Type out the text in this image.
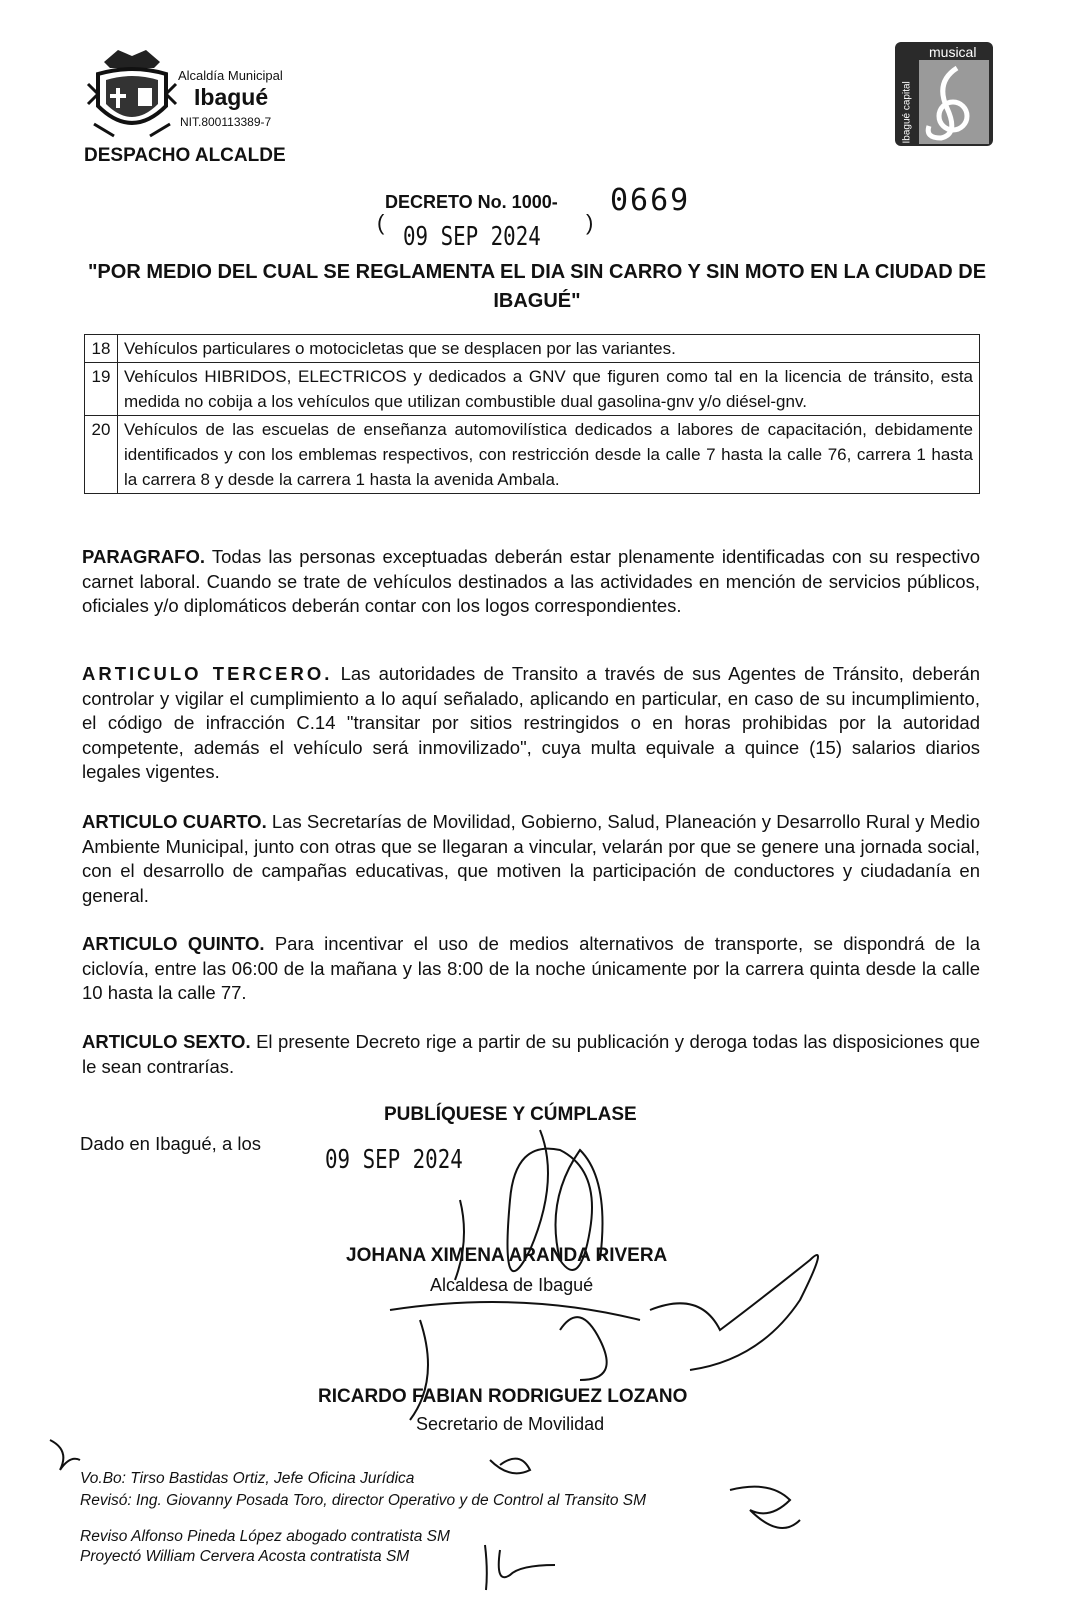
Alcaldía Municipal
Ibagué
NIT.800113389-7
DESPACHO ALCALDE
musical
Ibagué capital
DECRETO No. 1000- 0669
( 09 SEP 2024 )
"POR MEDIO DEL CUAL SE REGLAMENTA EL DIA SIN CARRO Y SIN MOTO EN LA CIUDAD DE IBAGUÉ"
18	Vehículos particulares o motocicletas que se desplacen por las variantes.
19	Vehículos HIBRIDOS, ELECTRICOS y dedicados a GNV que figuren como tal en la licencia de tránsito, esta medida no cobija a los vehículos que utilizan combustible dual gasolina-gnv y/o diésel-gnv.
20	Vehículos de las escuelas de enseñanza automovilística dedicados a labores de capacitación, debidamente identificados y con los emblemas respectivos, con restricción desde la calle 7 hasta la calle 76, carrera 1 hasta la carrera 8 y desde la carrera 1 hasta la avenida Ambala.
PARAGRAFO. Todas las personas exceptuadas deberán estar plenamente identificadas con su respectivo carnet laboral. Cuando se trate de vehículos destinados a las actividades en mención de servicios públicos, oficiales y/o diplomáticos deberán contar con los logos correspondientes.
ARTICULO TERCERO. Las autoridades de Transito a través de sus Agentes de Tránsito, deberán controlar y vigilar el cumplimiento a lo aquí señalado, aplicando en particular, en caso de su incumplimiento, el código de infracción C.14 "transitar por sitios restringidos o en horas prohibidas por la autoridad competente, además el vehículo será inmovilizado", cuya multa equivale a quince (15) salarios diarios legales vigentes.
ARTICULO CUARTO. Las Secretarías de Movilidad, Gobierno, Salud, Planeación y Desarrollo Rural y Medio Ambiente Municipal, junto con otras que se llegaran a vincular, velarán por que se genere una jornada social, con el desarrollo de campañas educativas, que motiven la participación de conductores y ciudadanía en general.
ARTICULO QUINTO. Para incentivar el uso de medios alternativos de transporte, se dispondrá de la ciclovía, entre las 06:00 de la mañana y las 8:00 de la noche únicamente por la carrera quinta desde la calle 10 hasta la calle 77.
ARTICULO SEXTO. El presente Decreto rige a partir de su publicación y deroga todas las disposiciones que le sean contrarías.
PUBLÍQUESE Y CÚMPLASE
Dado en Ibagué, a los
09 SEP 2024
JOHANA XIMENA ARANDA RIVERA
Alcaldesa de Ibagué
RICARDO FABIAN RODRIGUEZ LOZANO
Secretario de Movilidad
Vo.Bo: Tirso Bastidas Ortiz, Jefe Oficina Jurídica
Revisó: Ing. Giovanny Posada Toro, director Operativo y de Control al Transito SM
Reviso Alfonso Pineda López abogado contratista SM
Proyectó William Cervera Acosta contratista SM
